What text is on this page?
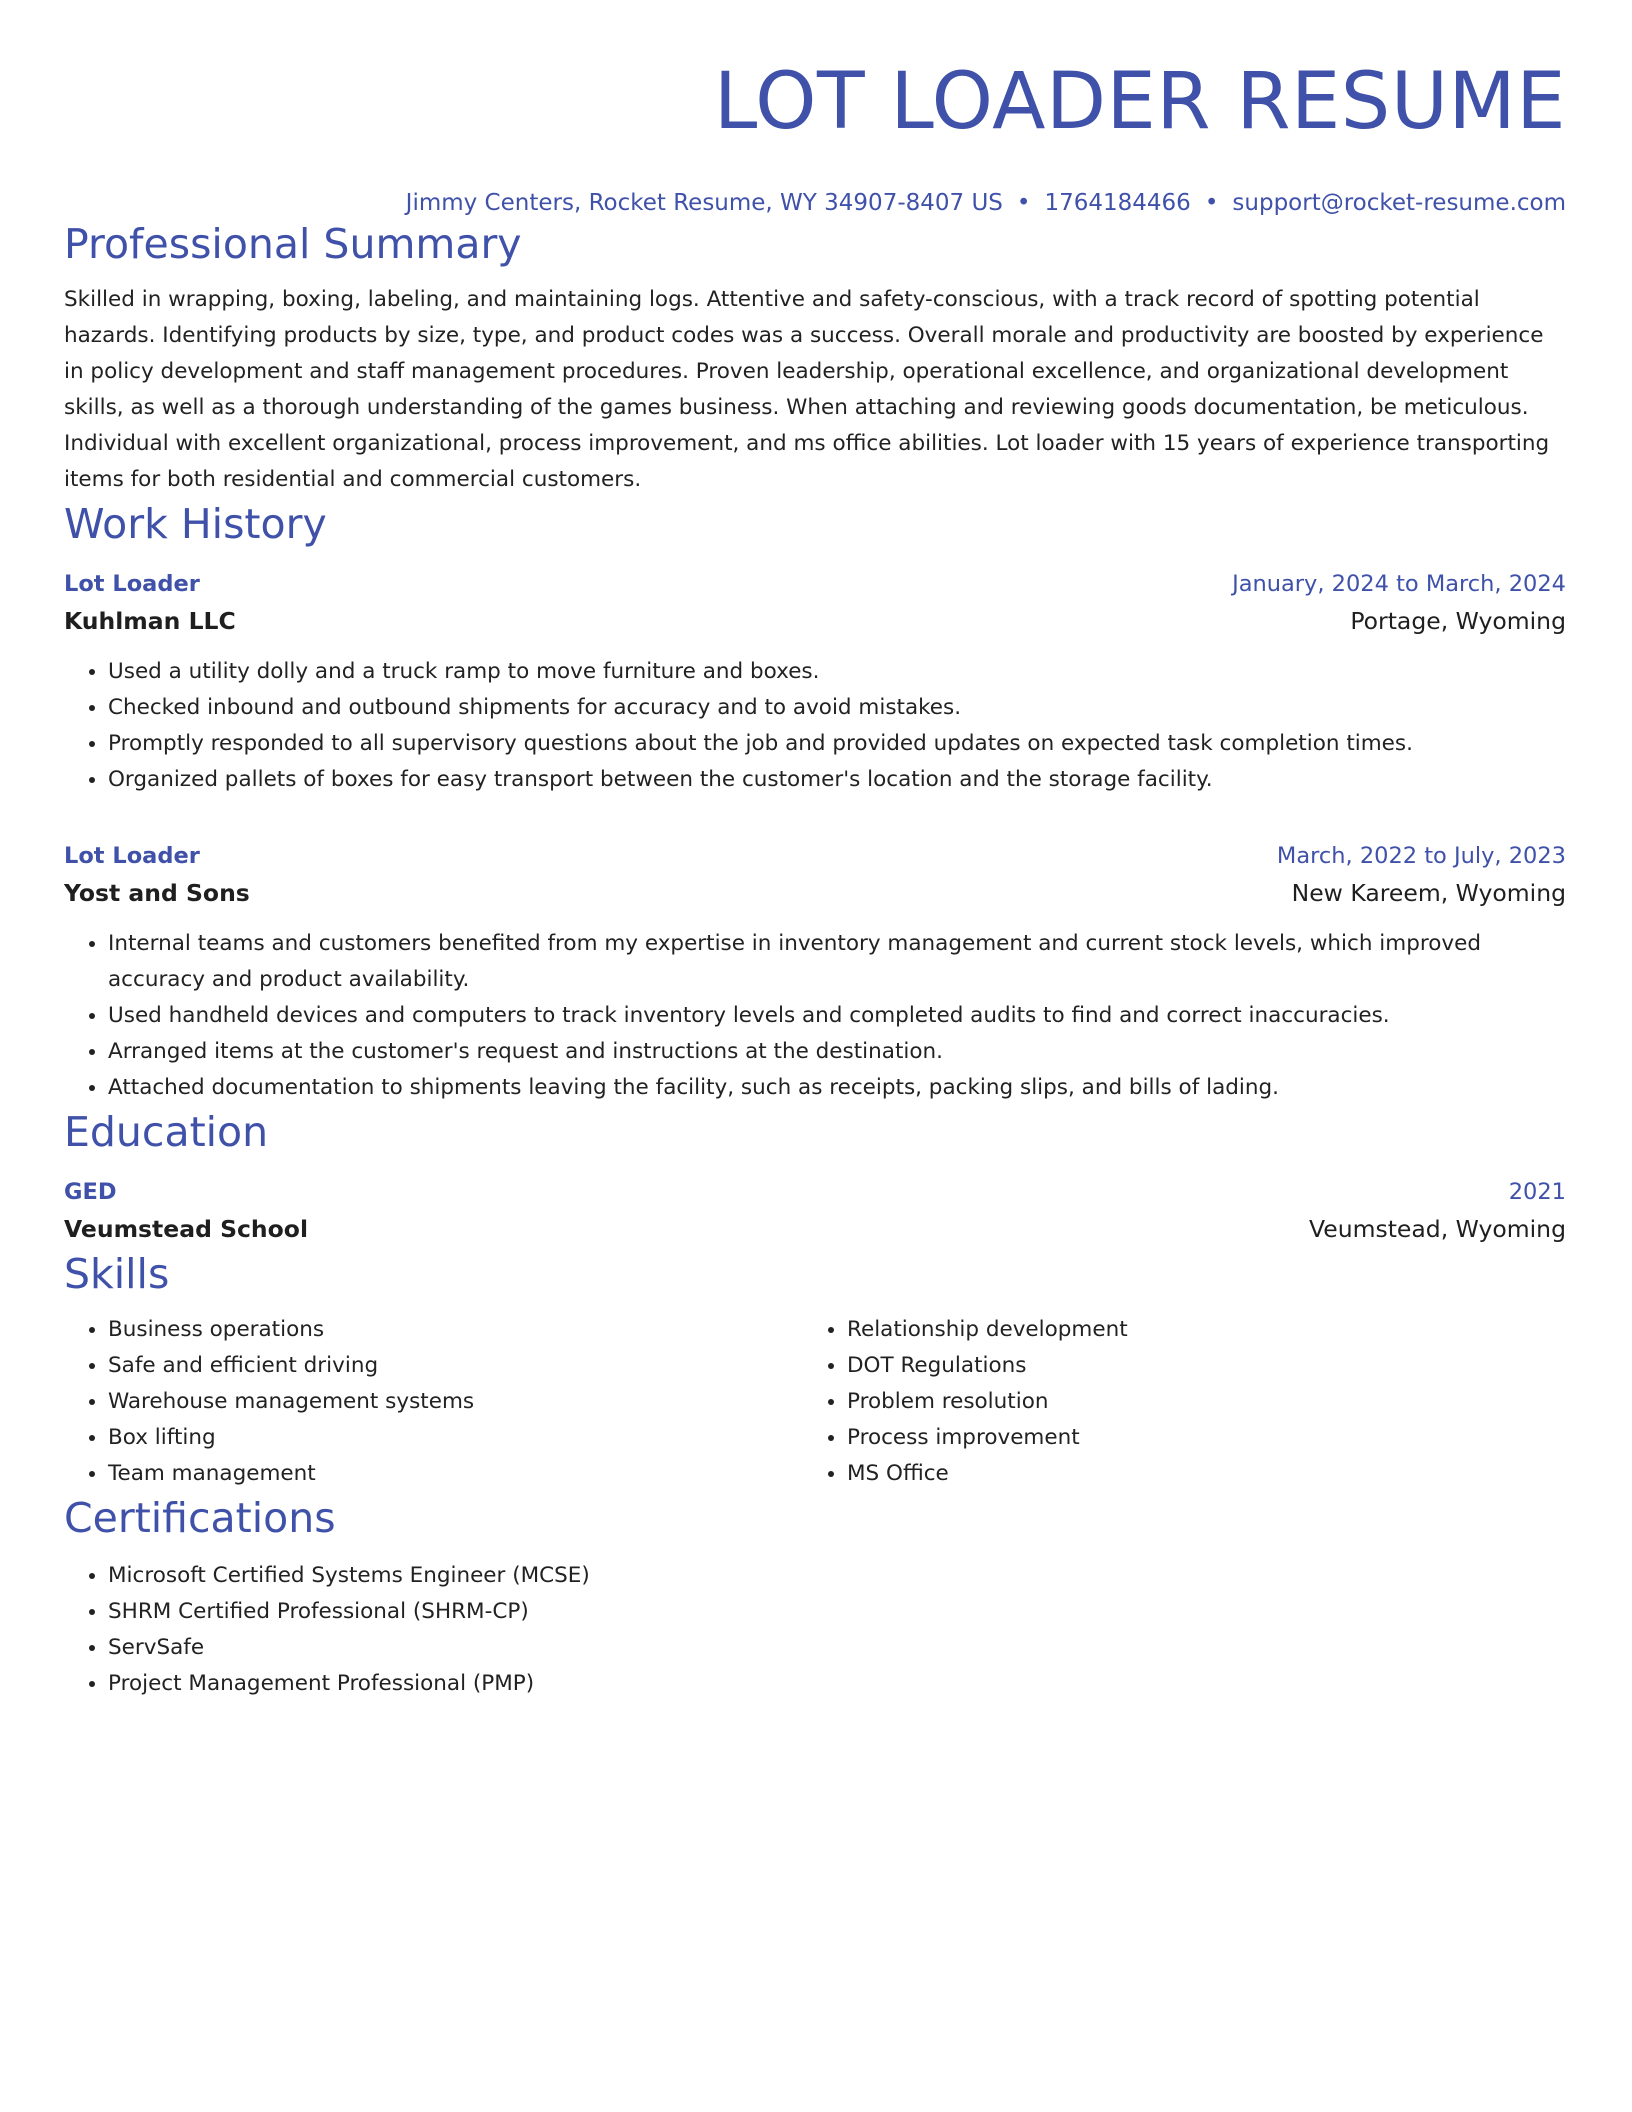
LOT LOADER RESUME
Jimmy Centers, Rocket Resume, WY 34907-8407 US • 1764184466 • support@rocket-resume.com
Professional Summary
Skilled in wrapping, boxing, labeling, and maintaining logs. Attentive and safety-conscious, with a track record of spotting potential hazards. Identifying products by size, type, and product codes was a success. Overall morale and productivity are boosted by experience in policy development and staff management procedures. Proven leadership, operational excellence, and organizational development skills, as well as a thorough understanding of the games business. When attaching and reviewing goods documentation, be meticulous. Individual with excellent organizational, process improvement, and ms office abilities. Lot loader with 15 years of experience transporting items for both residential and commercial customers.
Work History
Lot Loader	January, 2024 to March, 2024
Kuhlman LLC	Portage, Wyoming
• Used a utility dolly and a truck ramp to move furniture and boxes.
• Checked inbound and outbound shipments for accuracy and to avoid mistakes.
• Promptly responded to all supervisory questions about the job and provided updates on expected task completion times.
• Organized pallets of boxes for easy transport between the customer's location and the storage facility.
Lot Loader	March, 2022 to July, 2023
Yost and Sons	New Kareem, Wyoming
• Internal teams and customers benefited from my expertise in inventory management and current stock levels, which improved accuracy and product availability.
• Used handheld devices and computers to track inventory levels and completed audits to find and correct inaccuracies.
• Arranged items at the customer's request and instructions at the destination.
• Attached documentation to shipments leaving the facility, such as receipts, packing slips, and bills of lading.
Education
GED	2021
Veumstead School	Veumstead, Wyoming
Skills
• Business operations
• Safe and efficient driving
• Warehouse management systems
• Box lifting
• Team management
• Relationship development
• DOT Regulations
• Problem resolution
• Process improvement
• MS Office
Certifications
• Microsoft Certified Systems Engineer (MCSE)
• SHRM Certified Professional (SHRM-CP)
• ServSafe
• Project Management Professional (PMP)
